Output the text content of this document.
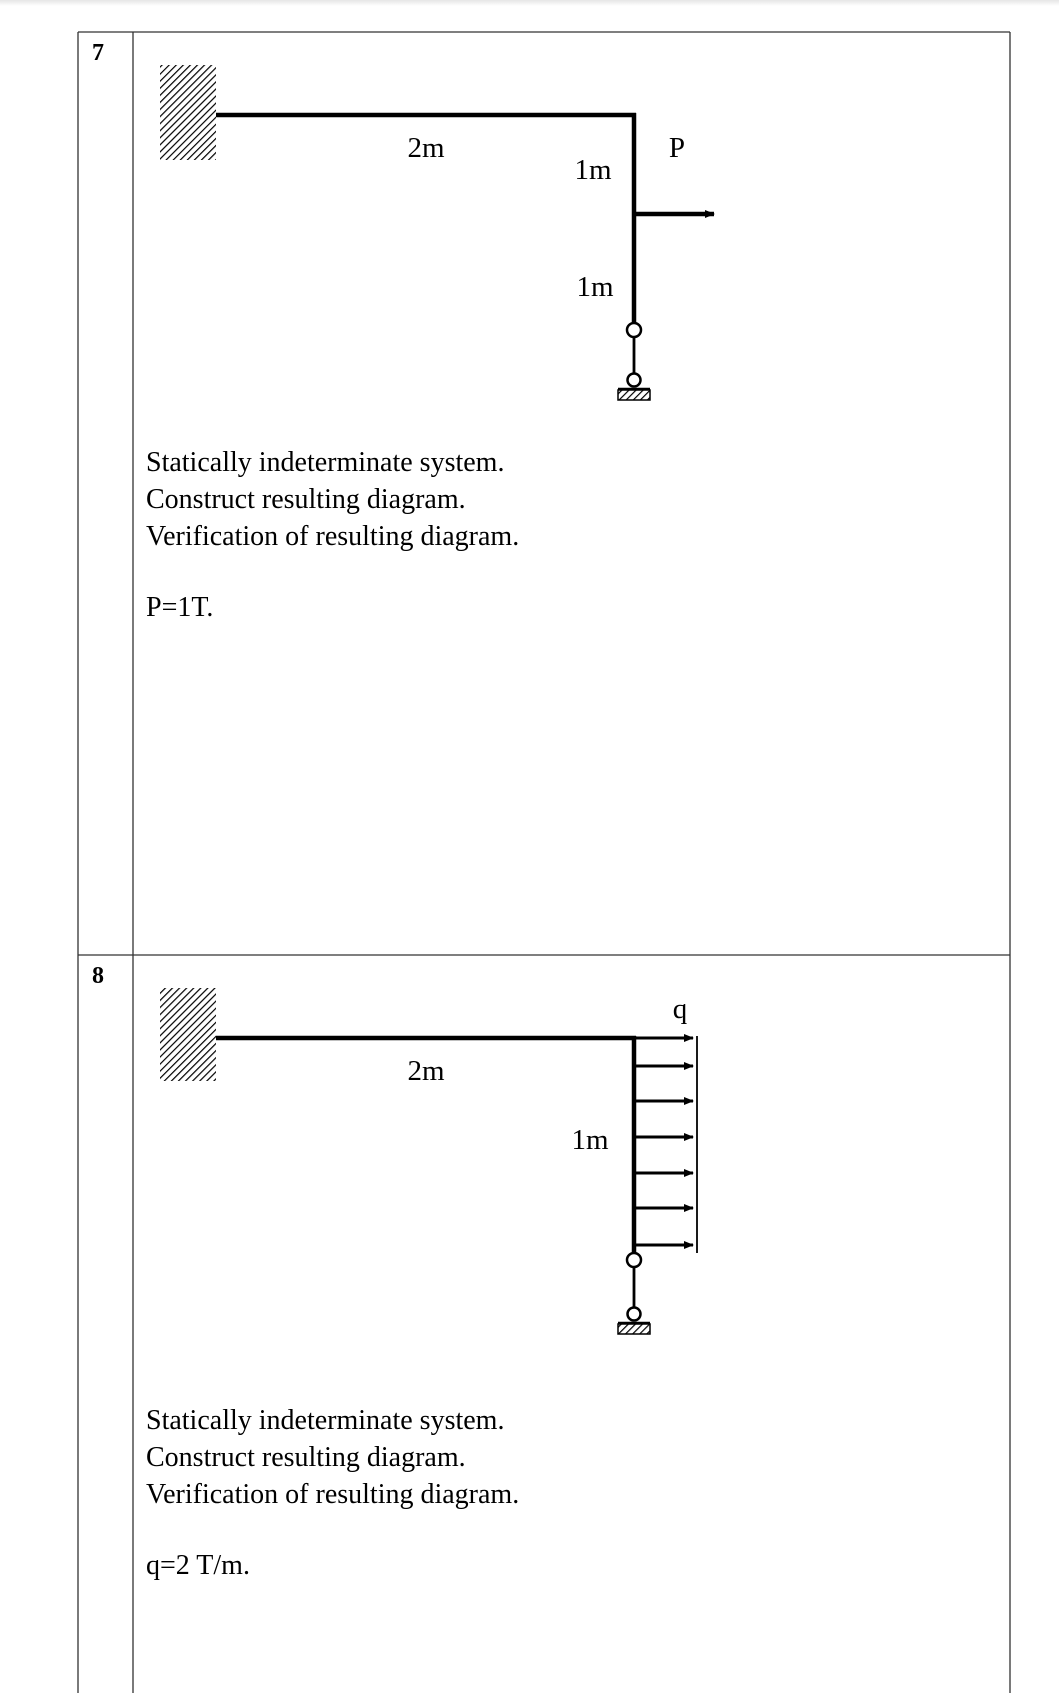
7
2m
1m
1m
P
8
2m
1m
q

Statically indeterminate system.

Construct resulting diagram.

Verification of resulting diagram.

P=1T.

Statically indeterminate system.

Construct resulting diagram.

Verification of resulting diagram.

q=2 T/m.
